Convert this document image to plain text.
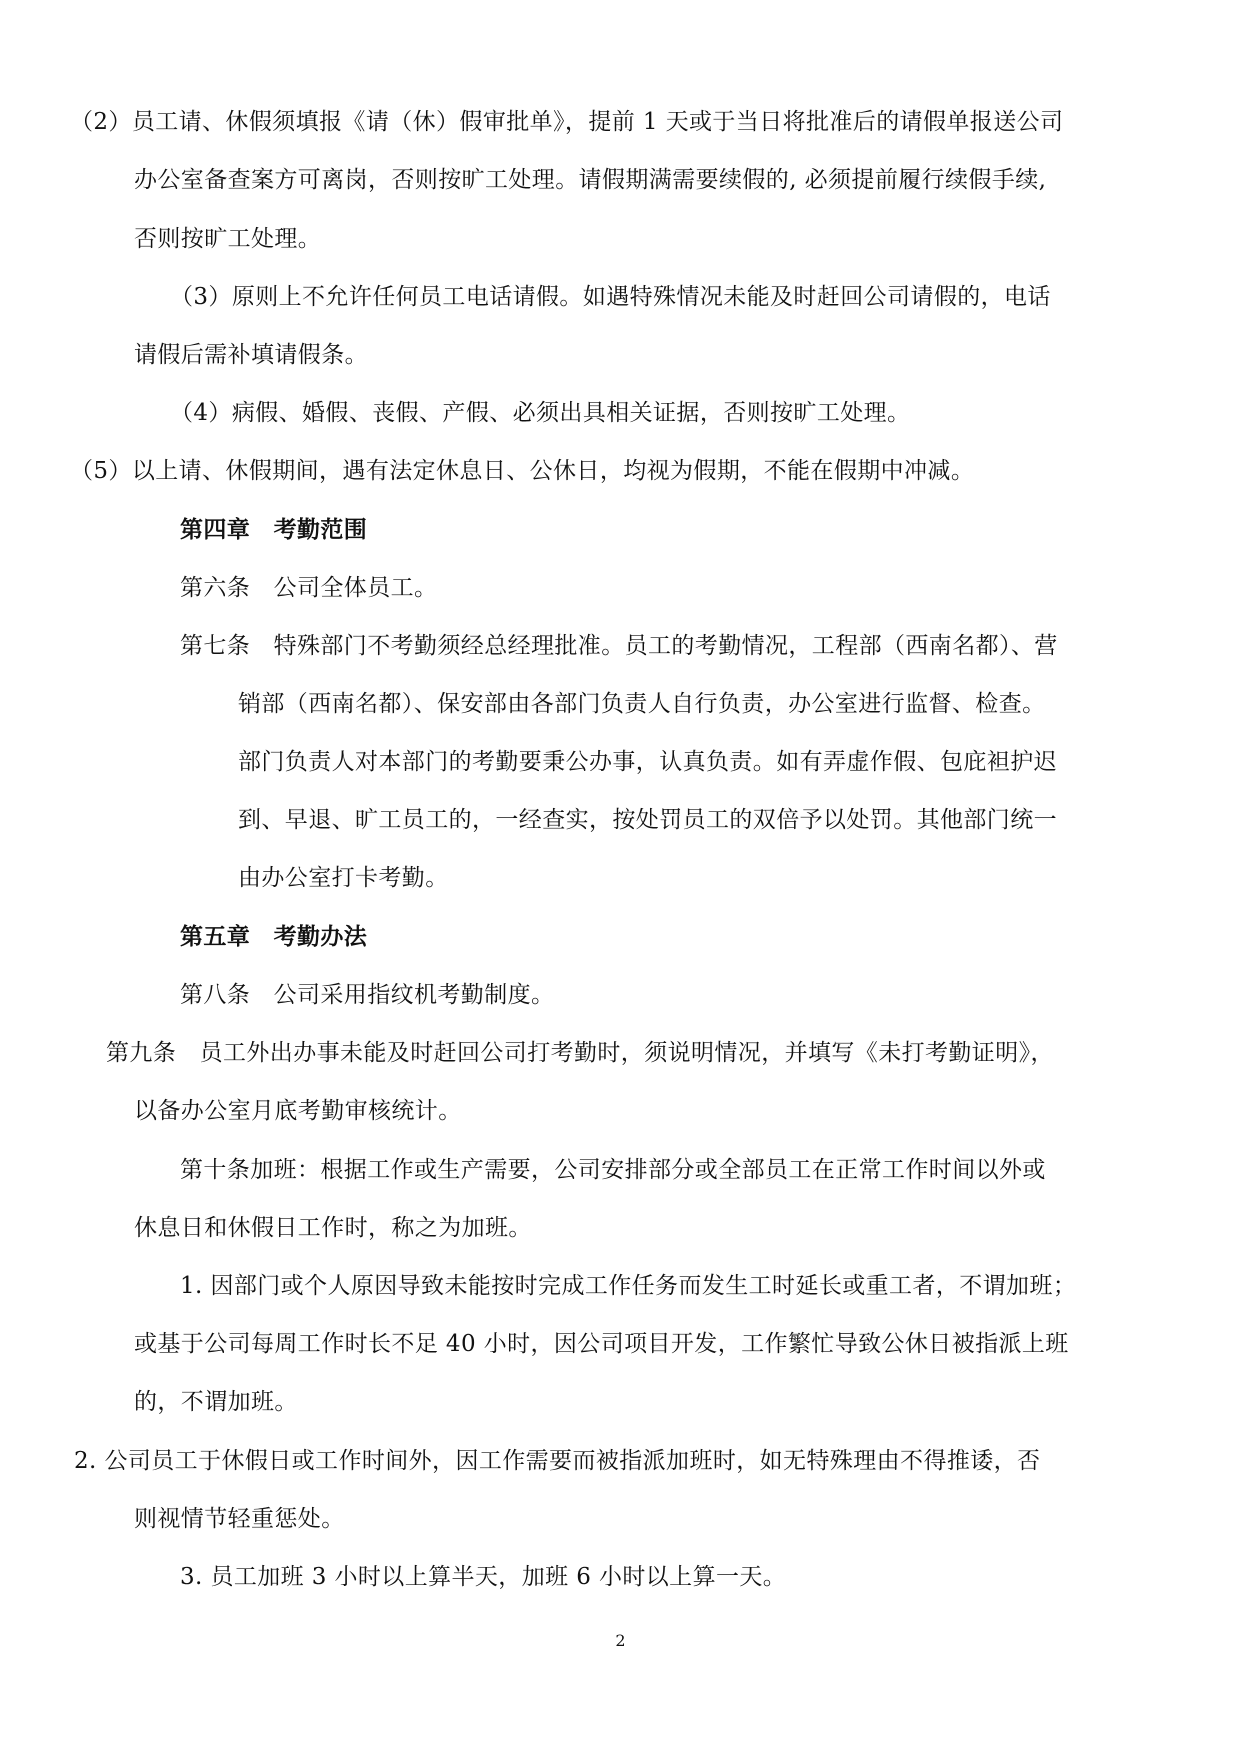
（2）员工请、休假须填报《请（休）假审批单》，提前 1 天或于当日将批准后的请假单报送公司
办公室备查案方可离岗，否则按旷工处理。请假期满需要续假的, 必须提前履行续假手续,
否则按旷工处理。
（3）原则上不允许任何员工电话请假。如遇特殊情况未能及时赶回公司请假的，电话
请假后需补填请假条。
（4）病假、婚假、丧假、产假、必须出具相关证据，否则按旷工处理。
（5）以上请、休假期间，遇有法定休息日、公休日，均视为假期，不能在假期中冲减。
第四章　考勤范围
第六条　公司全体员工。
第七条　特殊部门不考勤须经总经理批准。员工的考勤情况，工程部（西南名都）、营
销部（西南名都）、保安部由各部门负责人自行负责，办公室进行监督、检查。
部门负责人对本部门的考勤要秉公办事，认真负责。如有弄虚作假、包庇袒护迟
到、早退、旷工员工的，一经查实，按处罚员工的双倍予以处罚。其他部门统一
由办公室打卡考勤。
第五章　考勤办法
第八条　公司采用指纹机考勤制度。
第九条　员工外出办事未能及时赶回公司打考勤时，须说明情况，并填写《未打考勤证明》，
以备办公室月底考勤审核统计。
第十条加班：根据工作或生产需要，公司安排部分或全部员工在正常工作时间以外或
休息日和休假日工作时，称之为加班。
1. 因部门或个人原因导致未能按时完成工作任务而发生工时延长或重工者，不谓加班；
或基于公司每周工作时长不足 40 小时，因公司项目开发，工作繁忙导致公休日被指派上班
的，不谓加班。
2. 公司员工于休假日或工作时间外，因工作需要而被指派加班时，如无特殊理由不得推诿，否
则视情节轻重惩处。
3. 员工加班 3 小时以上算半天，加班 6 小时以上算一天。
2
